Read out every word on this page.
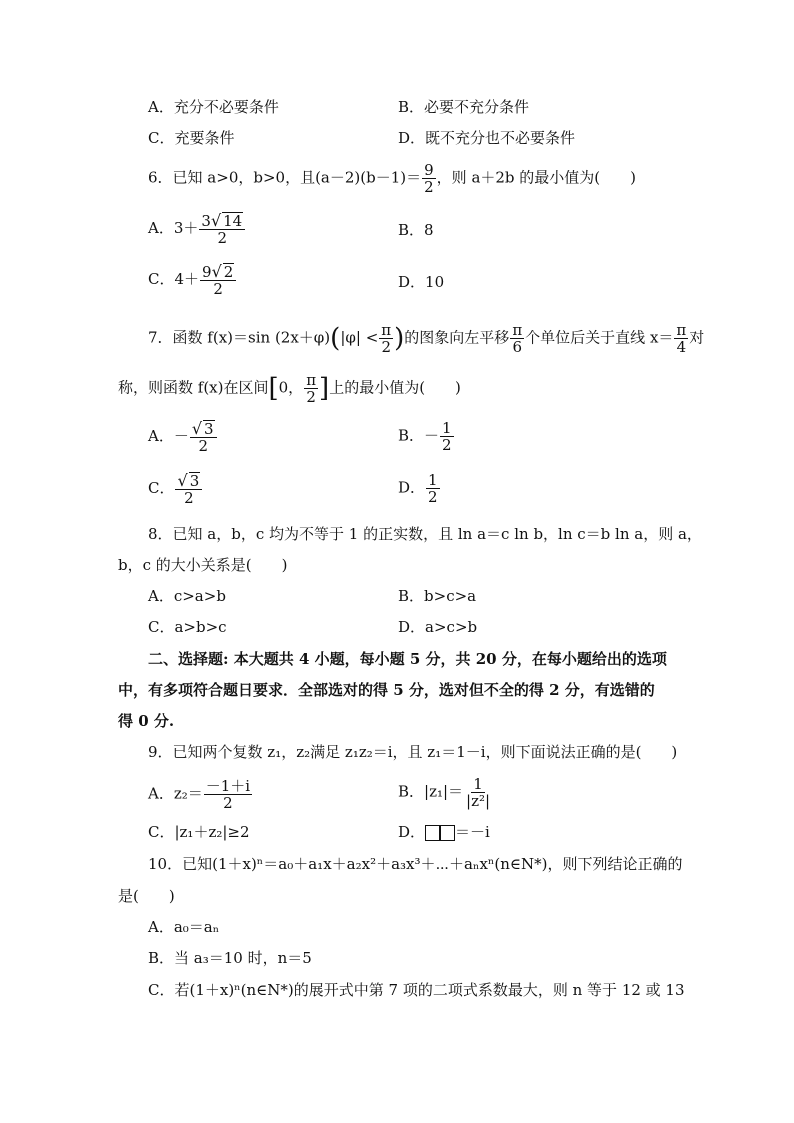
A．充分不必要条件	B．必要不充分条件
C．充要条件	D．既不充分也不必要条件
6．已知 a>0，b>0，且$(a-2)(b-1)= \frac{9}{2}$ ，则 a＋2b 的最小值为(　　)
A．$3+ \frac{3√ 14}{2}$	B．8
C．$4+ \frac{9√ 2}{2}$	D．10
7．函数 f(x)＝sin $(2x+\varphi)(|\varphi| < \frac{\pi}{2}$ )的图象向左平移 $\frac{\pi}{6}$ 个单位后关于直线 $x= \frac{\pi}{4}$ 对
称，则函数 f(x)在区间[0， $\frac{\pi}{2}$ ]上的最小值为(　　)
A．－ $\frac{√ 3}{2}$	B．－ $\frac{1}{2}$
C． $\frac{√ 3}{2}$	D． $\frac{1}{2}$
8．已知 a，b，c 均为不等于 1 的正实数，且 ln a＝c ln b，ln c＝b ln a，则 a，
b，c 的大小关系是(　　)
A．c>a>b	B．b>c>a
C．a>b>c	D．a>c>b
二、选择题: 本大题共 4 小题，每小题 5 分，共 20 分，在每小题给出的选项
中，有多项符合题日要求．全部选对的得 5 分，选对但不全的得 2 分，有选错的
得 0 分.
9．已知两个复数 z₁，z₂满足 z₁z₂＝i，且 z₁＝1－i，则下面说法正确的是(　　)
A．$z_2= \frac{-1+i}{2}$	B．$|z_1|= \frac{1}{\text{|z²|}}$
C．|z₁＋z₂|≥2	D． ＝－i
10．已知(1＋x)ⁿ＝a₀＋a₁x＋a₂x²＋a₃x³＋⋯＋aₙxⁿ(n∈N*)，则下列结论正确的
是(　　)
A．a₀＝aₙ
B．当 a₃＝10 时，n＝5
C．若(1＋x)ⁿ(n∈N*)的展开式中第 7 项的二项式系数最大，则 n 等于 12 或 13
